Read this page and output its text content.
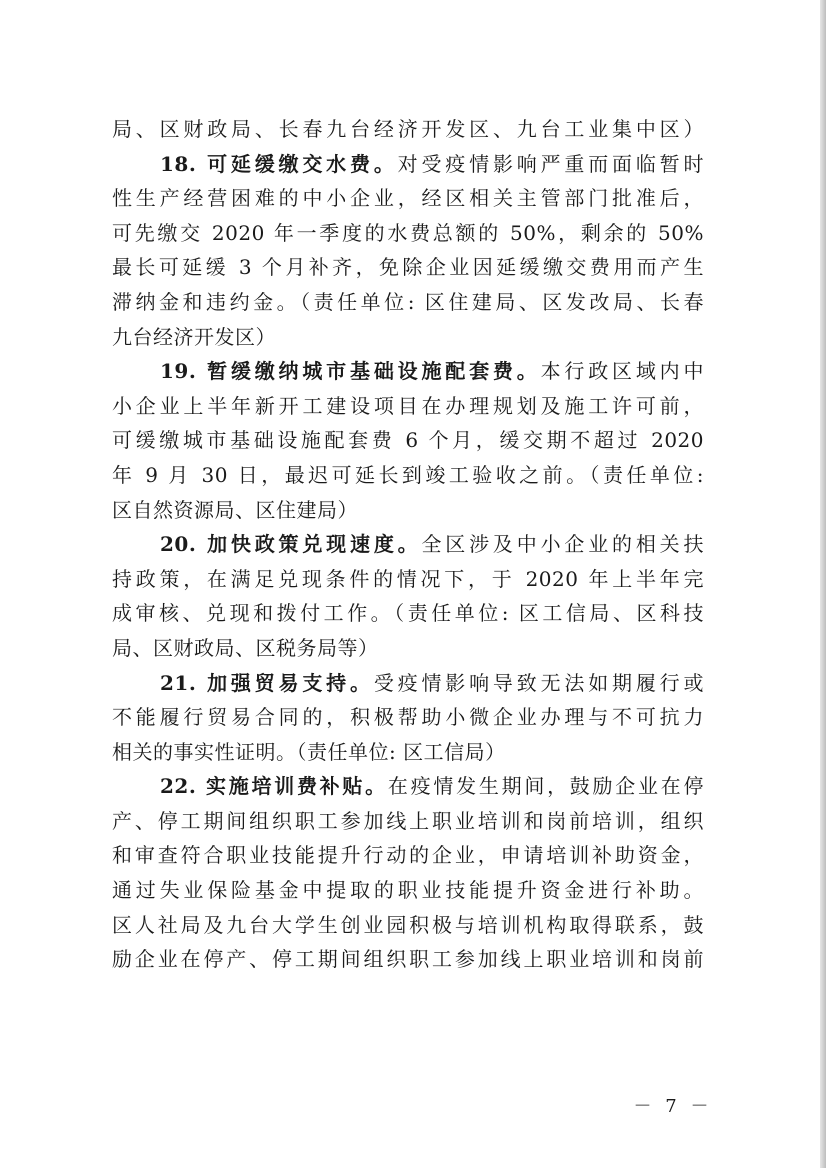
局、区财政局、长春九台经济开发区、九台工业集中区）
18. 可延缓缴交水费。对受疫情影响严重而面临暂时
性生产经营困难的中小企业，经区相关主管部门批准后，
可先缴交 2020 年一季度的水费总额的 50%，剩余的 50%
最长可延缓 3 个月补齐，免除企业因延缓缴交费用而产生
滞纳金和违约金。（责任单位: 区住建局、区发改局、长春
九台经济开发区）
19. 暂缓缴纳城市基础设施配套费。本行政区域内中
小企业上半年新开工建设项目在办理规划及施工许可前，
可缓缴城市基础设施配套费 6 个月，缓交期不超过 2020
年 9 月 30 日，最迟可延长到竣工验收之前。（责任单位:
区自然资源局、区住建局）
20. 加快政策兑现速度。全区涉及中小企业的相关扶
持政策，在满足兑现条件的情况下，于 2020 年上半年完
成审核、兑现和拨付工作。（责任单位: 区工信局、区科技
局、区财政局、区税务局等）
21. 加强贸易支持。受疫情影响导致无法如期履行或
不能履行贸易合同的，积极帮助小微企业办理与不可抗力
相关的事实性证明。（责任单位: 区工信局）
22. 实施培训费补贴。在疫情发生期间，鼓励企业在停
产、停工期间组织职工参加线上职业培训和岗前培训，组织
和审查符合职业技能提升行动的企业，申请培训补助资金，
通过失业保险基金中提取的职业技能提升资金进行补助。
区人社局及九台大学生创业园积极与培训机构取得联系，鼓
励企业在停产、停工期间组织职工参加线上职业培训和岗前
－ 7 －
